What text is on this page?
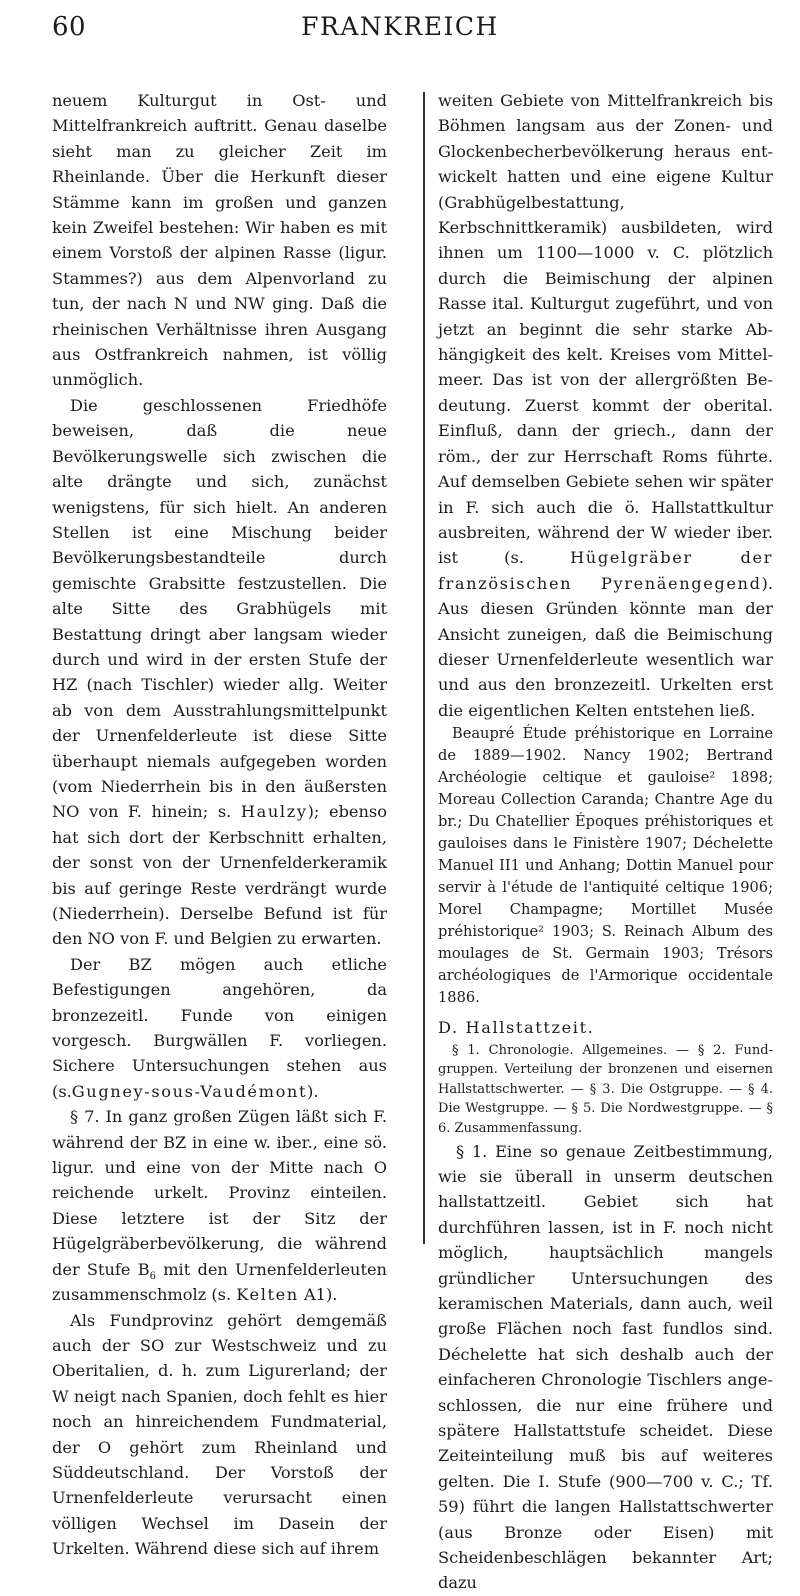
60	FRANKREICH

neuem Kulturgut in Ost- und Mittelfrankreich auftritt. Genau daselbe sieht man zu gleicher Zeit im Rheinlande. Über die Herkunft dieser Stämme kann im großen und ganzen kein Zweifel bestehen: Wir haben es mit einem Vorstoß der alpinen Rasse (ligur. Stammes?) aus dem Alpenvorland zu tun, der nach N und NW ging. Daß die rheinischen Verhältnisse ihren Ausgang aus Ostfrankreich nahmen, ist völlig unmöglich.

Die geschlossenen Friedhöfe beweisen, daß die neue Bevölkerungswelle sich zwischen die alte drängte und sich, zunächst wenigstens, für sich hielt. An anderen Stellen ist eine Mischung beider Bevölkerungsbestandteile durch gemischte Grabsitte festzustellen. Die alte Sitte des Grabhügels mit Bestattung dringt aber langsam wieder durch und wird in der ersten Stufe der HZ (nach Tischler) wieder allg. Weiter ab von dem Ausstrahlungsmittelpunkt der Urnenfelderleute ist diese Sitte überhaupt niemals aufgegeben worden (vom Niederrhein bis in den äußersten NO von F. hinein; s. Haulzy); ebenso hat sich dort der Kerbschnitt erhalten, der sonst von der Urnenfelderkeramik bis auf geringe Reste verdrängt wurde (Niederrhein). Derselbe Befund ist für den NO von F. und Belgien zu erwarten.

Der BZ mögen auch etliche Befestigungen angehören, da bronzezeitl. Funde von einigen vorgesch. Burgwällen F. vorliegen. Sichere Untersuchungen stehen aus (s.Gugney-sous-Vaudémont).

§ 7. In ganz großen Zügen läßt sich F. während der BZ in eine w. iber., eine sö. ligur. und eine von der Mitte nach O reichende urkelt. Provinz einteilen. Diese letztere ist der Sitz der Hügelgräberbevölkerung, die während der Stufe $B_6$ mit den Urnenfelderleuten zusammenschmolz (s. Kelten A1).

Als Fundprovinz gehört demgemäß auch der SO zur Westschweiz und zu Oberitalien, d. h. zum Ligurerland; der W neigt nach Spanien, doch fehlt es hier noch an hinreichendem Fundmaterial, der O gehört zum Rheinland und Süddeutschland. Der Vorstoß der Urnenfelderleute verursacht einen völligen Wechsel im Dasein der Urkelten. Während diese sich auf ihrem

weiten Gebiete von Mittelfrankreich bis Böhmen langsam aus der Zonen- und Glockenbecherbevölkerung heraus entwickelt hatten und eine eigene Kultur (Grabhügelbestattung, Kerbschnittkeramik) ausbildeten, wird ihnen um 1100—1000 v. C. plötzlich durch die Beimischung der alpinen Rasse ital. Kulturgut zugeführt, und von jetzt an beginnt die sehr starke Abhängigkeit des kelt. Kreises vom Mittelmeer. Das ist von der allergrößten Bedeutung. Zuerst kommt der oberital. Einfluß, dann der griech., dann der röm., der zur Herrschaft Roms führte. Auf demselben Gebiete sehen wir später in F. sich auch die ö. Hallstattkultur ausbreiten, während der W wieder iber. ist (s.	Hügelgräber der französischen Pyrenäengegend). Aus diesen Gründen könnte man der Ansicht zuneigen, daß die Beimischung dieser Urnenfelderleute wesentlich war und aus den bronzezeitl. Urkelten erst die eigentlichen Kelten entstehen ließ.

Beaupré Étude préhistorique en Lorraine de 1889—1902. Nancy 1902; Bertrand Archéologie celtique et gauloise² 1898; Moreau Collection Caranda; Chantre Age du br.; Du Chatellier Époques préhistoriques et gauloises dans le Finistère 1907; Déchelette Manuel II1 und Anhang; Dottin Manuel pour servir à l'étude de l'antiquité celtique 1906; Morel Champagne; Mortillet Musée préhistorique² 1903; S. Reinach Album des moulages de St. Germain 1903; Trésors archéologiques de l'Armorique occidentale 1886.

D. Hallstattzeit.

§ 1. Chronologie. Allgemeines. — § 2. Fundgruppen. Verteilung der bronzenen und eisernen Hallstattschwerter. — § 3. Die Ostgruppe. — § 4. Die Westgruppe. — § 5. Die Nordwestgruppe. — § 6. Zusammenfassung.

§ 1. Eine so genaue Zeitbestimmung, wie sie überall in unserm deutschen hallstattzeitl. Gebiet sich hat durchführen lassen, ist in F. noch nicht möglich, hauptsächlich mangels gründlicher Untersuchungen des keramischen Materials, dann auch, weil große Flächen noch fast fundlos sind. Déchelette hat sich deshalb auch der einfacheren Chronologie Tischlers angeschlossen, die nur eine frühere und spätere Hallstattstufe scheidet. Diese Zeiteinteilung muß bis auf weiteres gelten. Die I. Stufe (900—700 v. C.; Tf. 59) führt die langen Hallstattschwerter (aus Bronze oder Eisen) mit Scheidenbeschlägen bekannter Art; dazu
